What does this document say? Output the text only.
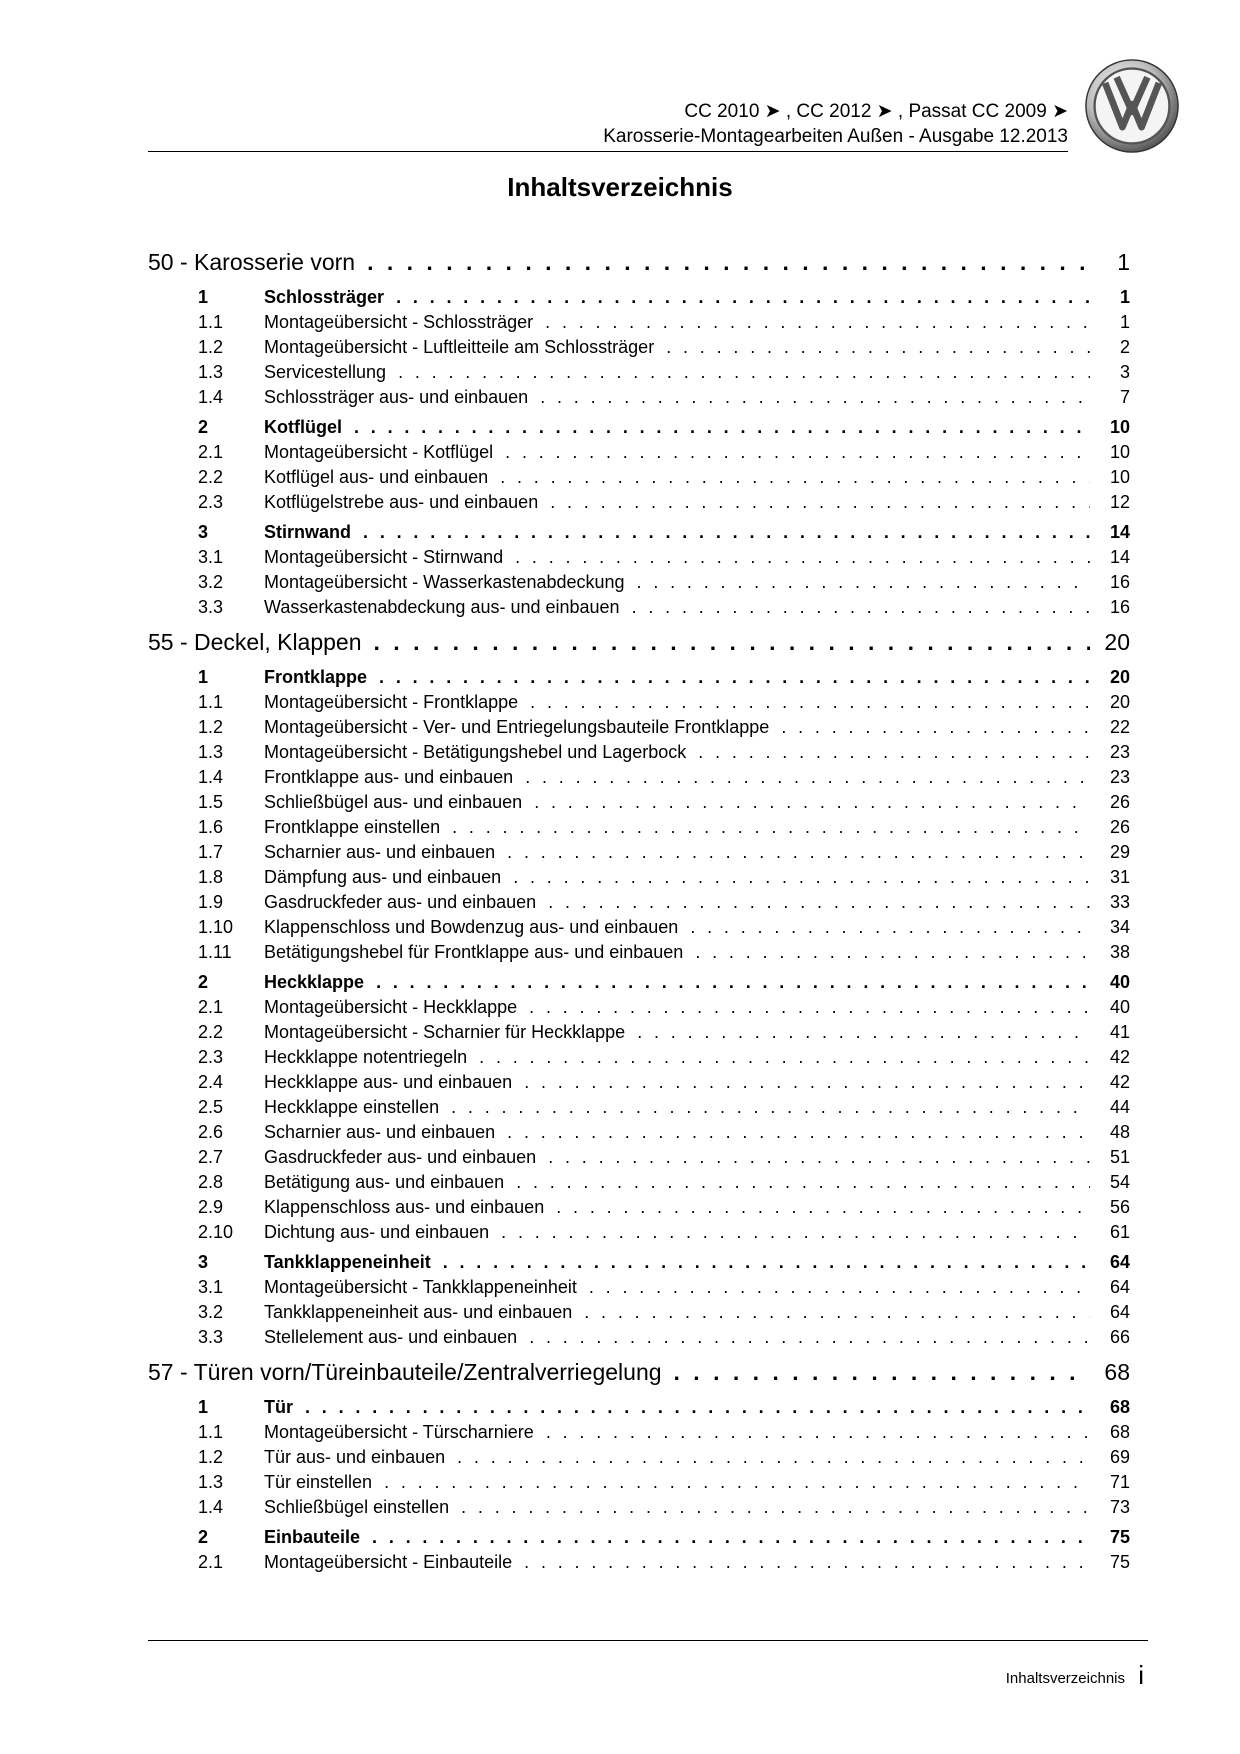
CC 2010 ➤ , CC 2012 ➤ , Passat CC 2009 ➤
Karosserie-Montagearbeiten Außen - Ausgabe 12.2013
Inhaltsverzeichnis
50 - Karosserie vorn . . .	1
1	Schlossträger . . .	1
1.1	Montageübersicht - Schlossträger . . .	1
1.2	Montageübersicht - Luftleitteile am Schlossträger . . .	2
1.3	Servicestellung . . .	3
1.4	Schlossträger aus- und einbauen . . .	7
2	Kotflügel . . .	10
2.1	Montageübersicht - Kotflügel . . .	10
2.2	Kotflügel aus- und einbauen . . .	10
2.3	Kotflügelstrebe aus- und einbauen . . .	12
3	Stirnwand . . .	14
3.1	Montageübersicht - Stirnwand . . .	14
3.2	Montageübersicht - Wasserkastenabdeckung . . .	16
3.3	Wasserkastenabdeckung aus- und einbauen . . .	16
55 - Deckel, Klappen . . .	20
1	Frontklappe . . .	20
1.1	Montageübersicht - Frontklappe . . .	20
1.2	Montageübersicht - Ver- und Entriegelungsbauteile Frontklappe . . .	22
1.3	Montageübersicht - Betätigungshebel und Lagerbock . . .	23
1.4	Frontklappe aus- und einbauen . . .	23
1.5	Schließbügel aus- und einbauen . . .	26
1.6	Frontklappe einstellen . . .	26
1.7	Scharnier aus- und einbauen . . .	29
1.8	Dämpfung aus- und einbauen . . .	31
1.9	Gasdruckfeder aus- und einbauen . . .	33
1.10	Klappenschloss und Bowdenzug aus- und einbauen . . .	34
1.11	Betätigungshebel für Frontklappe aus- und einbauen . . .	38
2	Heckklappe . . .	40
2.1	Montageübersicht - Heckklappe . . .	40
2.2	Montageübersicht - Scharnier für Heckklappe . . .	41
2.3	Heckklappe notentriegeln . . .	42
2.4	Heckklappe aus- und einbauen . . .	42
2.5	Heckklappe einstellen . . .	44
2.6	Scharnier aus- und einbauen . . .	48
2.7	Gasdruckfeder aus- und einbauen . . .	51
2.8	Betätigung aus- und einbauen . . .	54
2.9	Klappenschloss aus- und einbauen . . .	56
2.10	Dichtung aus- und einbauen . . .	61
3	Tankklappeneinheit . . .	64
3.1	Montageübersicht - Tankklappeneinheit . . .	64
3.2	Tankklappeneinheit aus- und einbauen . . .	64
3.3	Stellelement aus- und einbauen . . .	66
57 - Türen vorn/Türeinbauteile/Zentralverriegelung . . .	68
1	Tür . . .	68
1.1	Montageübersicht - Türscharniere . . .	68
1.2	Tür aus- und einbauen . . .	69
1.3	Tür einstellen . . .	71
1.4	Schließbügel einstellen . . .	73
2	Einbauteile . . .	75
2.1	Montageübersicht - Einbauteile . . .	75
Inhaltsverzeichnis i
